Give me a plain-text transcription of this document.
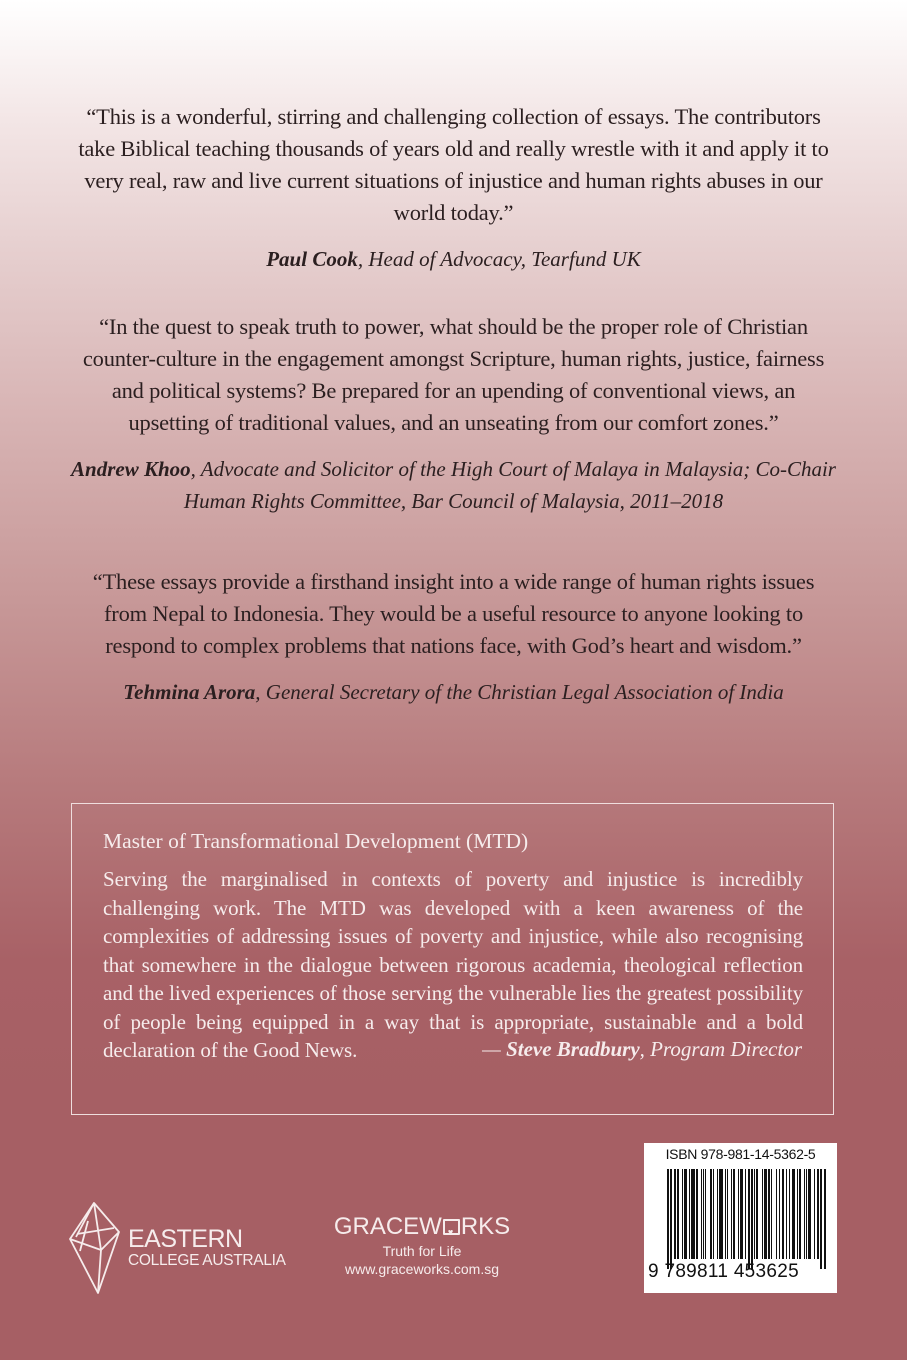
“This is a wonderful, stirring and challenging collection of essays. The contributors take Biblical teaching thousands of years old and really wrestle with it and apply it to very real, raw and live current situations of injustice and human rights abuses in our world today.”

Paul Cook, Head of Advocacy, Tearfund UK

“In the quest to speak truth to power, what should be the proper role of Christian counter-culture in the engagement amongst Scripture, human rights, justice, fairness and political systems? Be prepared for an upending of conventional views, an upsetting of traditional values, and an unseating from our comfort zones.”

Andrew Khoo, Advocate and Solicitor of the High Court of Malaya in Malaysia; Co-Chair Human Rights Committee, Bar Council of Malaysia, 2011–2018

“These essays provide a firsthand insight into a wide range of human rights issues from Nepal to Indonesia. They would be a useful resource to anyone looking to respond to complex problems that nations face, with God’s heart and wisdom.”

Tehmina Arora, General Secretary of the Christian Legal Association of India

Master of Transformational Development (MTD)
Serving the marginalised in contexts of poverty and injustice is incredibly challenging work. The MTD was developed with a keen awareness of the complexities of addressing issues of poverty and injustice, while also recognising that somewhere in the dialogue between rigorous academia, theological reflection and the lived experiences of those serving the vulnerable lies the greatest possibility of people being equipped in a way that is appropriate, sustainable and a bold declaration of the Good News.	— Steve Bradbury, Program Director
EASTERN
COLLEGE AUSTRALIA
GRACEW ♥ RKS
Truth for Life
www.graceworks.com.sg
ISBN 978-981-14-5362-5
9 789811 453625
